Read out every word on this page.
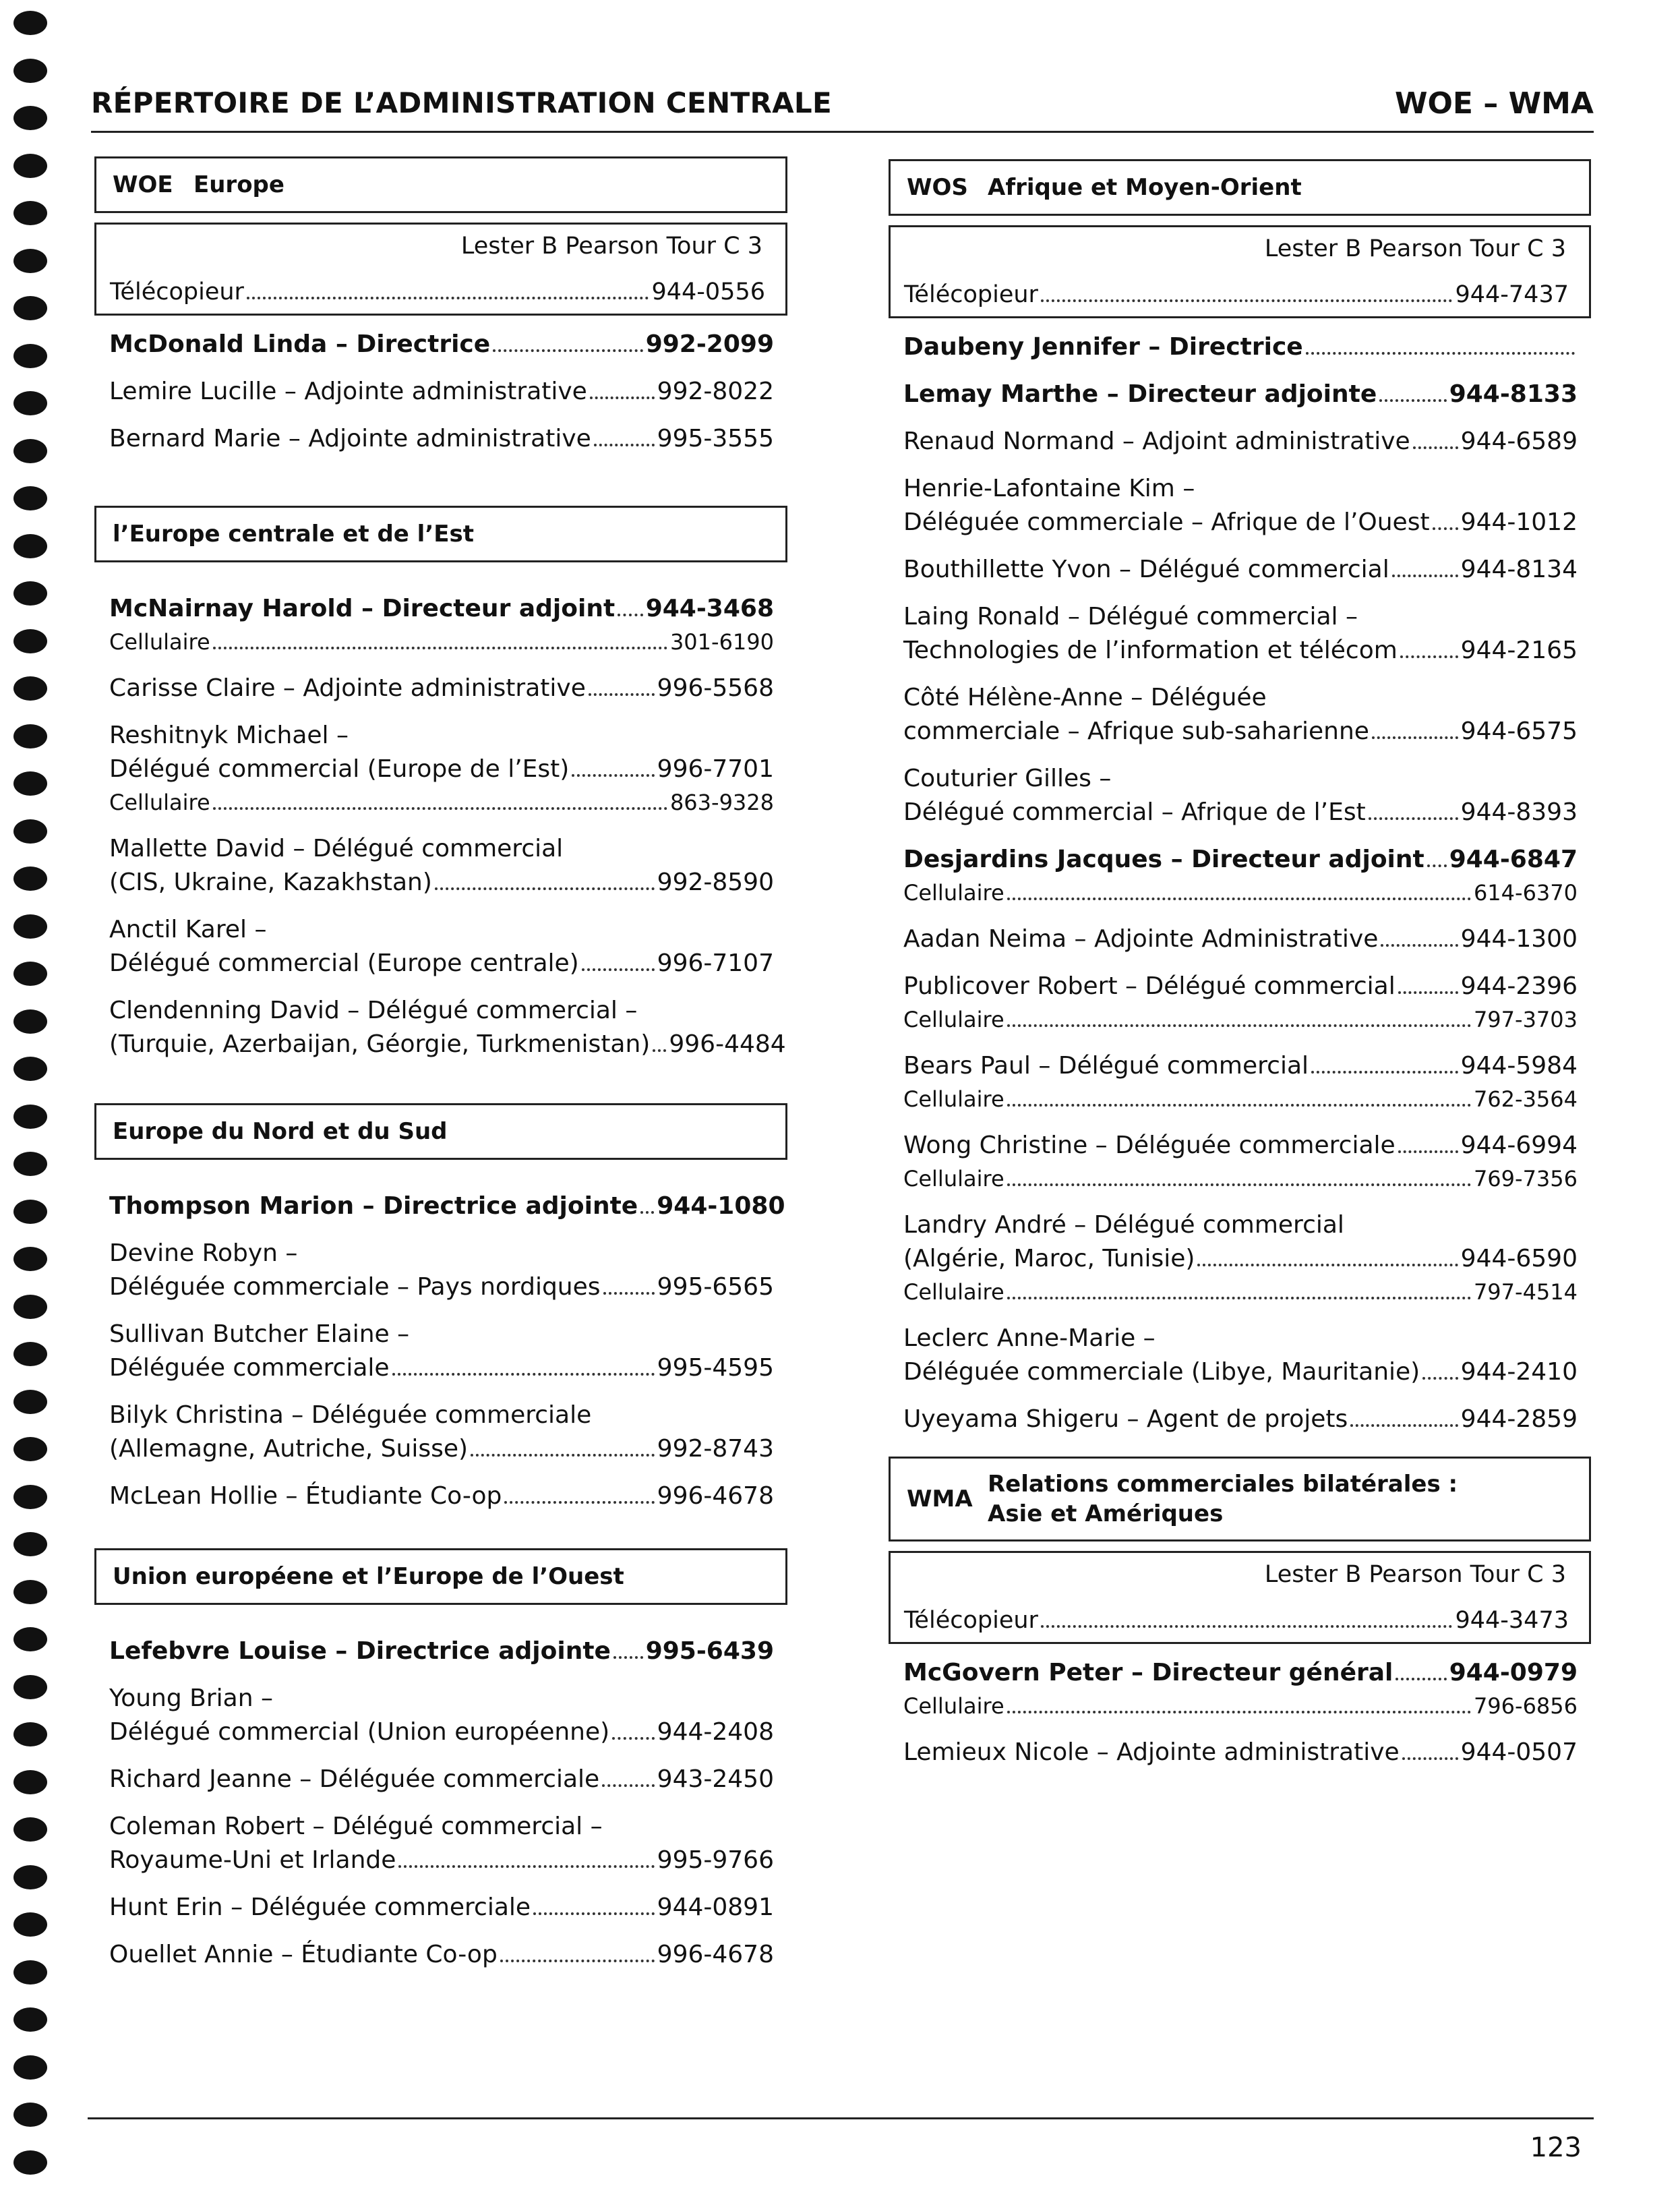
RÉPERTOIRE DE L’ADMINISTRATION CENTRALE	WOE – WMA
WOE Europe
Lester B Pearson Tour C 3
Télécopieur	944-0556
McDonald Linda – Directrice	992-2099
Lemire Lucille – Adjointe administrative	992-8022
Bernard Marie – Adjointe administrative	995-3555
l’Europe centrale et de l’Est
McNairnay Harold – Directeur adjoint 944-3468
Cellulaire	301-6190
Carisse Claire – Adjointe administrative	996-5568
Reshitnyk Michael –
Délégué commercial (Europe de l’Est)	996-7701
Cellulaire	863-9328
Mallette David – Délégué commercial
(CIS, Ukraine, Kazakhstan)	992-8590
Anctil Karel –
Délégué commercial (Europe centrale)	996-7107
Clendenning David – Délégué commercial –
(Turquie, Azerbaijan, Géorgie, Turkmenistan) 996-4484
Europe du Nord et du Sud
Thompson Marion – Directrice adjointe 944-1080
Devine Robyn –
Déléguée commerciale – Pays nordiques 995-6565
Sullivan Butcher Elaine –
Déléguée commerciale	995-4595
Bilyk Christina – Déléguée commerciale
(Allemagne, Autriche, Suisse)	992-8743
McLean Hollie – Étudiante Co-op	996-4678
Union européene et l’Europe de l’Ouest
Lefebvre Louise – Directrice adjointe 995-6439
Young Brian –
Délégué commercial (Union européenne) 944-2408
Richard Jeanne – Déléguée commerciale 943-2450
Coleman Robert – Délégué commercial –
Royaume-Uni et Irlande	995-9766
Hunt Erin – Déléguée commerciale	944-0891
Ouellet Annie – Étudiante Co-op	996-4678
WOS Afrique et Moyen-Orient
Lester B Pearson Tour C 3
Télécopieur	944-7437
Daubeny Jennifer – Directrice
Lemay Marthe – Directeur adjointe	944-8133
Renaud Normand – Adjoint administrative 944-6589
Henrie-Lafontaine Kim –
Déléguée commerciale – Afrique de l’Ouest 944-1012
Bouthillette Yvon – Délégué commercial	944-8134
Laing Ronald – Délégué commercial –
Technologies de l’information et télécom	944-2165
Côté Hélène-Anne – Déléguée
commerciale – Afrique sub-saharienne	944-6575
Couturier Gilles –
Délégué commercial – Afrique de l’Est	944-8393
Desjardins Jacques – Directeur adjoint 944-6847
Cellulaire	614-6370
Aadan Neima – Adjointe Administrative	944-1300
Publicover Robert – Délégué commercial	944-2396
Cellulaire	797-3703
Bears Paul – Délégué commercial	944-5984
Cellulaire	762-3564
Wong Christine – Déléguée commerciale	944-6994
Cellulaire	769-7356
Landry André – Délégué commercial
(Algérie, Maroc, Tunisie)	944-6590
Cellulaire	797-4514
Leclerc Anne-Marie –
Déléguée commerciale (Libye, Mauritanie) 944-2410
Uyeyama Shigeru – Agent de projets	944-2859
WMA
Relations commerciales bilatérales :
Asie et Amériques
Lester B Pearson Tour C 3
Télécopieur	944-3473
McGovern Peter – Directeur général 944-0979
Cellulaire	796-6856
Lemieux Nicole – Adjointe administrative	944-0507
123
